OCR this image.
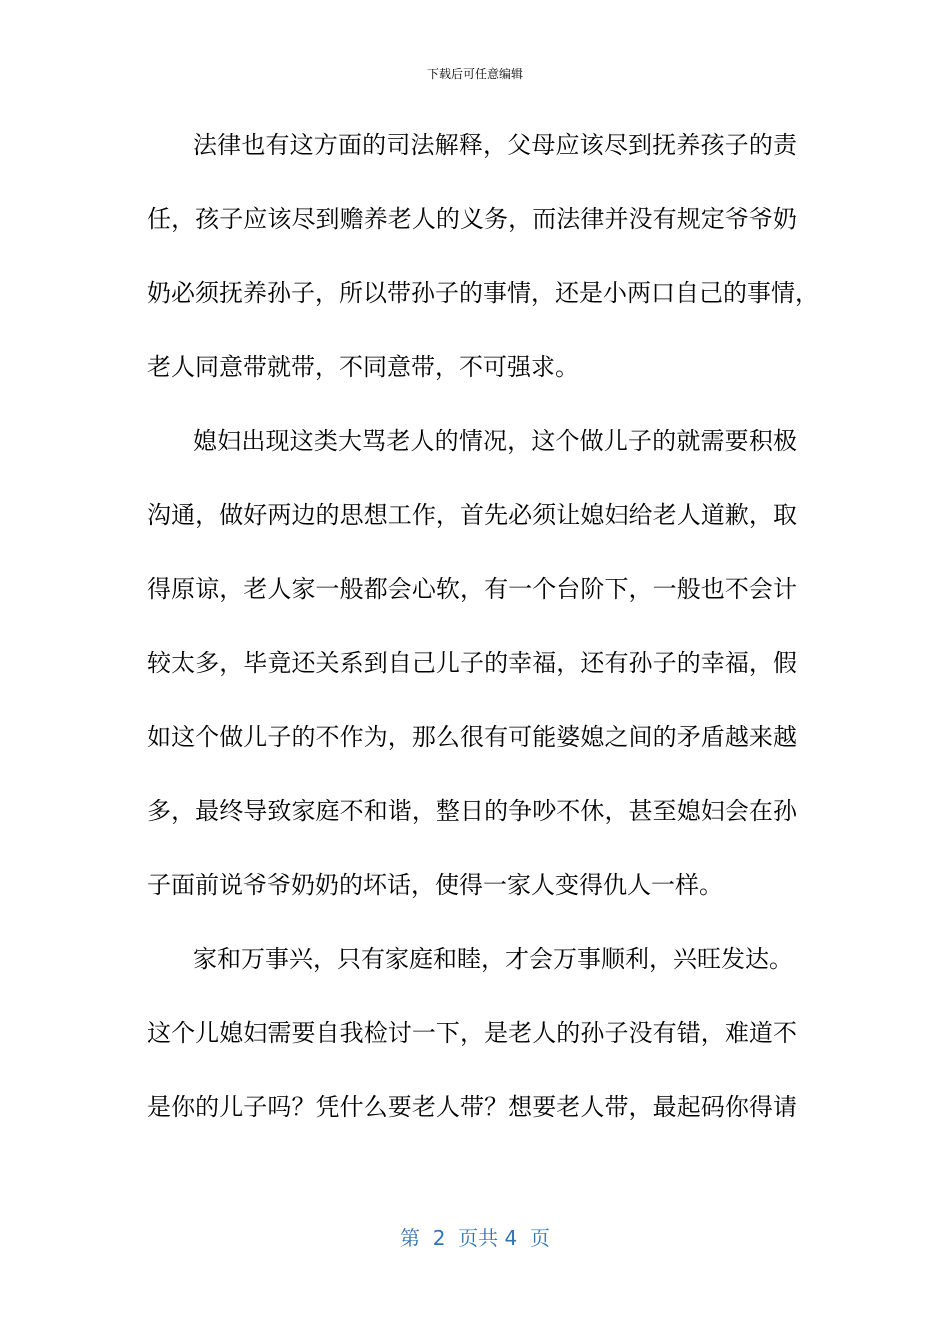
下载后可任意编辑
法律也有这方面的司法解释，父母应该尽到抚养孩子的责
任，孩子应该尽到赡养老人的义务，而法律并没有规定爷爷奶
奶必须抚养孙子，所以带孙子的事情，还是小两口自己的事情，
老人同意带就带，不同意带，不可强求。
媳妇出现这类大骂老人的情况，这个做儿子的就需要积极
沟通，做好两边的思想工作，首先必须让媳妇给老人道歉，取
得原谅，老人家一般都会心软，有一个台阶下，一般也不会计
较太多，毕竟还关系到自己儿子的幸福，还有孙子的幸福，假
如这个做儿子的不作为，那么很有可能婆媳之间的矛盾越来越
多，最终导致家庭不和谐，整日的争吵不休，甚至媳妇会在孙
子面前说爷爷奶奶的坏话，使得一家人变得仇人一样。
家和万事兴，只有家庭和睦，才会万事顺利，兴旺发达。
这个儿媳妇需要自我检讨一下，是老人的孙子没有错，难道不
是你的儿子吗？凭什么要老人带？想要老人带，最起码你得请
第  2  页共 4  页
